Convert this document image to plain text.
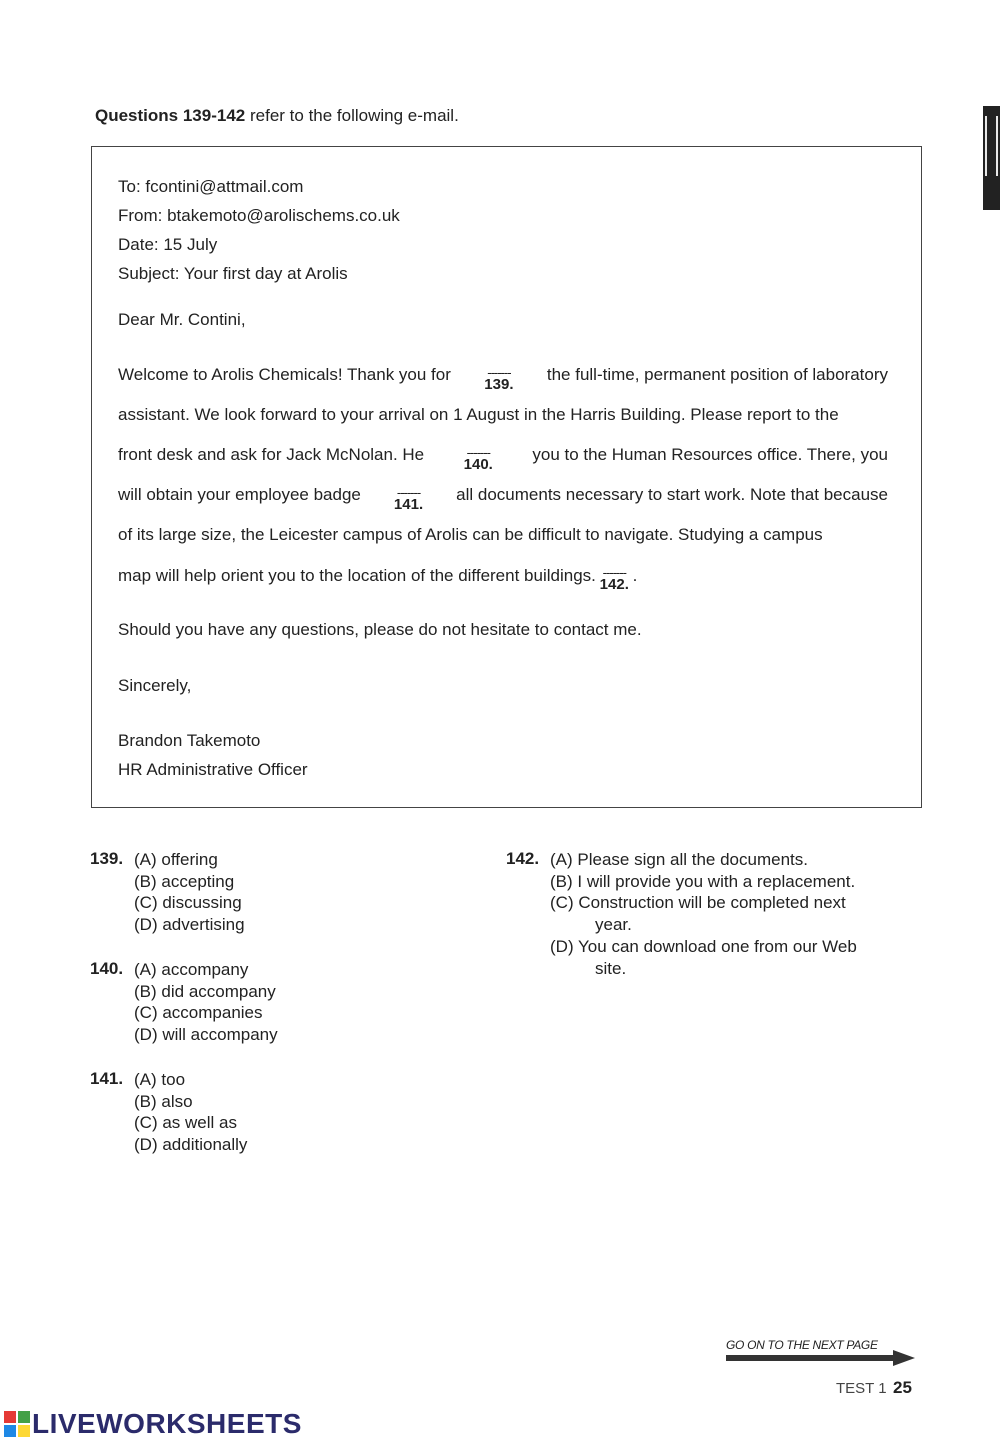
Questions 139-142 refer to the following e-mail.
To: fcontini@attmail.com
From: btakemoto@arolischems.co.uk
Date: 15 July
Subject: Your first day at Arolis
Dear Mr. Contini,
Welcome to Arolis Chemicals! Thank you for	-------
139.
the full-time, permanent position of laboratory
assistant. We look forward to your arrival on 1 August in the Harris Building. Please report to the
front desk and ask for Jack McNolan. He	-------
140.
you to the Human Resources office. There, you
will obtain your employee badge	-------
141.
all documents necessary to start work. Note that because
of its large size, the Leicester campus of Arolis can be difficult to navigate. Studying a campus
map will help orient you to the location of the different buildings. -------
142. .
Should you have any questions, please do not hesitate to contact me.
Sincerely,
Brandon Takemoto
HR Administrative Officer
139. (A) offering
(B) accepting
(C) discussing
(D) advertising
140. (A) accompany
(B) did accompany
(C) accompanies
(D) will accompany
141. (A) too
(B) also
(C) as well as
(D) additionally
142. (A) Please sign all the documents.
(B) I will provide you with a replacement.
(C) Construction will be completed next
year.
(D) You can download one from our Web
site.
GO ON TO THE NEXT PAGE
TEST 1 25
LIVEWORKSHEETS
